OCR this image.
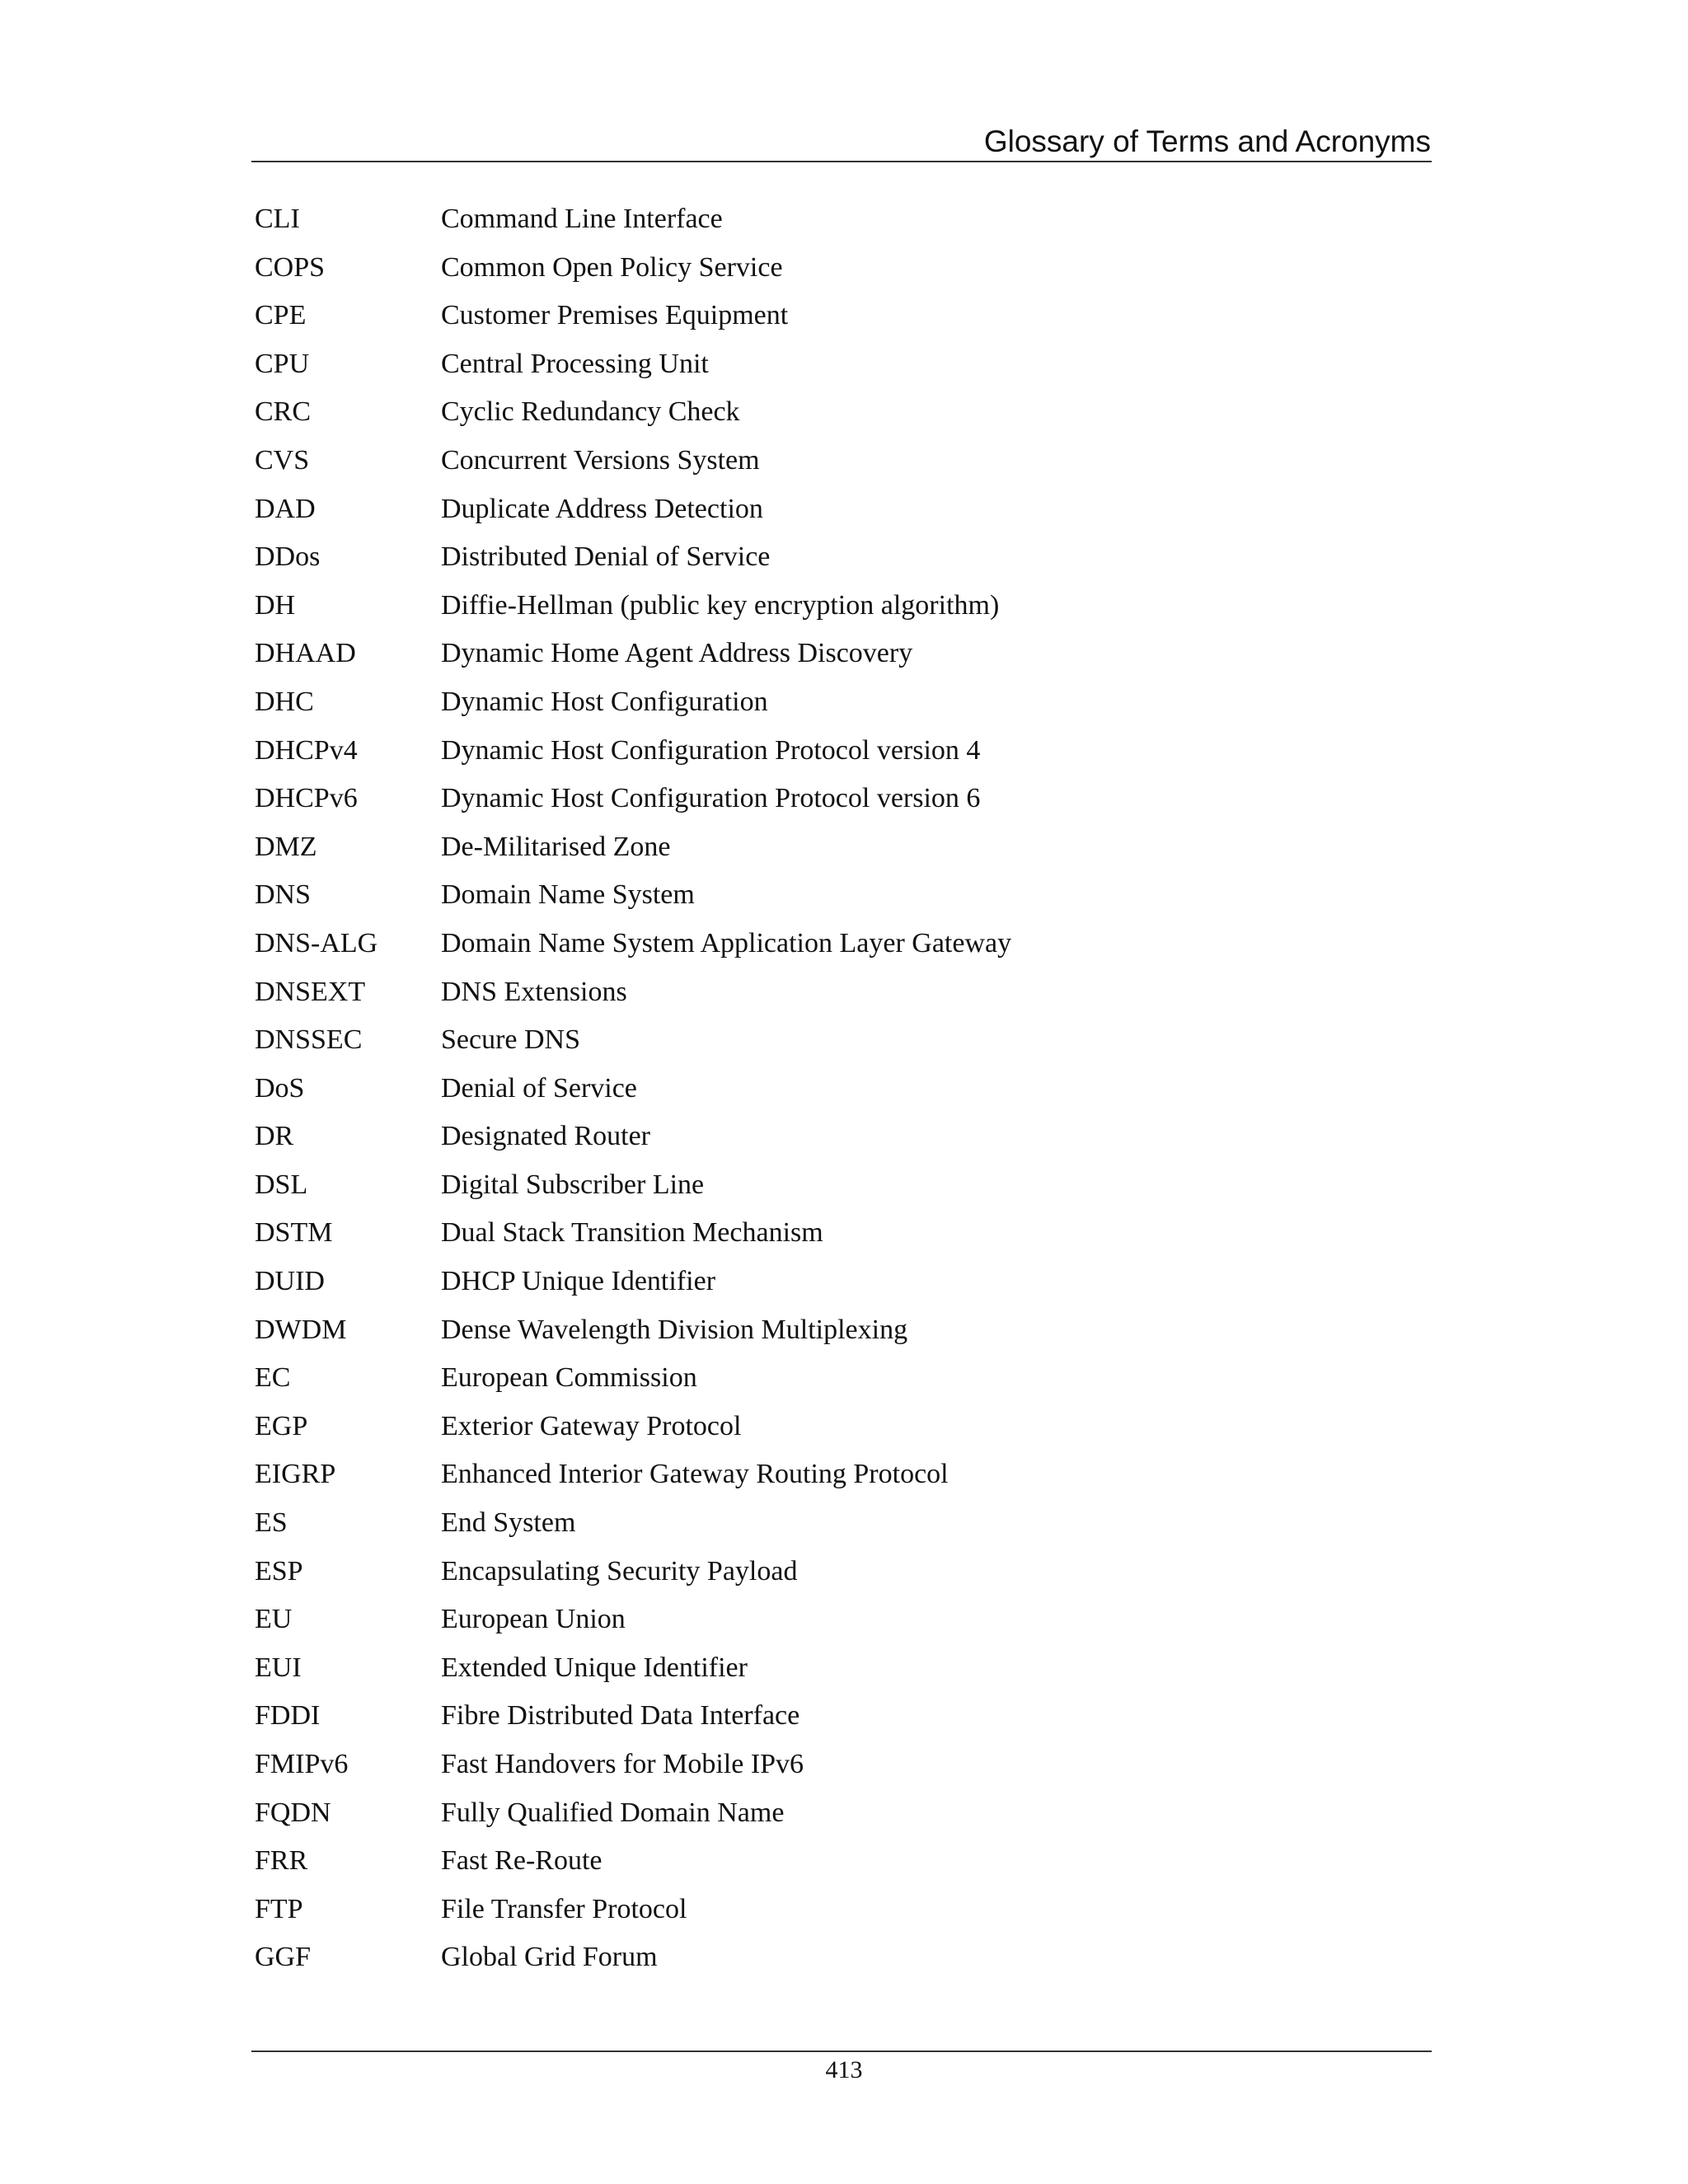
Glossary of Terms and Acronyms
CLI	Command Line Interface
COPS	Common Open Policy Service
CPE	Customer Premises Equipment
CPU	Central Processing Unit
CRC	Cyclic Redundancy Check
CVS	Concurrent Versions System
DAD	Duplicate Address Detection
DDos	Distributed Denial of Service
DH	Diffie-Hellman (public key encryption algorithm)
DHAAD	Dynamic Home Agent Address Discovery
DHC	Dynamic Host Configuration
DHCPv4	Dynamic Host Configuration Protocol version 4
DHCPv6	Dynamic Host Configuration Protocol version 6
DMZ	De-Militarised Zone
DNS	Domain Name System
DNS-ALG Domain Name System Application Layer Gateway
DNSEXT	DNS Extensions
DNSSEC	Secure DNS
DoS	Denial of Service
DR	Designated Router
DSL	Digital Subscriber Line
DSTM	Dual Stack Transition Mechanism
DUID	DHCP Unique Identifier
DWDM	Dense Wavelength Division Multiplexing
EC	European Commission
EGP	Exterior Gateway Protocol
EIGRP	Enhanced Interior Gateway Routing Protocol
ES	End System
ESP	Encapsulating Security Payload
EU	European Union
EUI	Extended Unique Identifier
FDDI	Fibre Distributed Data Interface
FMIPv6	Fast Handovers for Mobile IPv6
FQDN	Fully Qualified Domain Name
FRR	Fast Re-Route
FTP	File Transfer Protocol
GGF	Global Grid Forum
413
